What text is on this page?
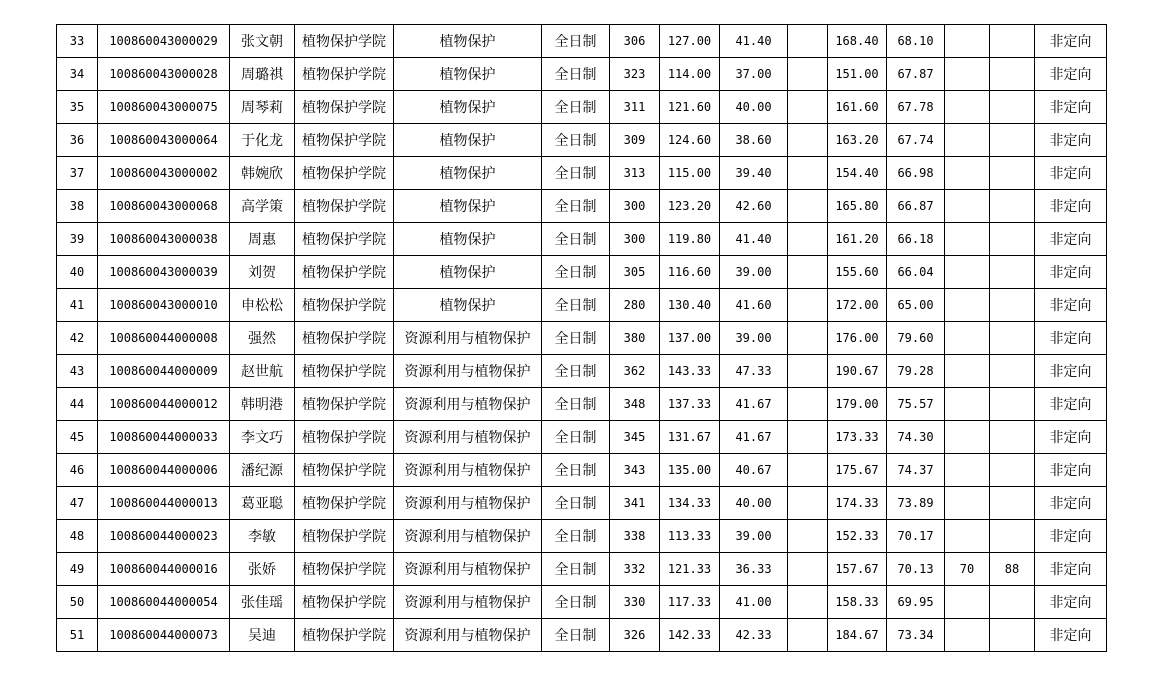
33	100860043000029	张文朝	植物保护学院	植物保护	全日制	306	127.00	41.40		168.40	68.10			非定向
34	100860043000028	周璐祺	植物保护学院	植物保护	全日制	323	114.00	37.00		151.00	67.87			非定向
35	100860043000075	周琴莉	植物保护学院	植物保护	全日制	311	121.60	40.00		161.60	67.78			非定向
36	100860043000064	于化龙	植物保护学院	植物保护	全日制	309	124.60	38.60		163.20	67.74			非定向
37	100860043000002	韩婉欣	植物保护学院	植物保护	全日制	313	115.00	39.40		154.40	66.98			非定向
38	100860043000068	高学策	植物保护学院	植物保护	全日制	300	123.20	42.60		165.80	66.87			非定向
39	100860043000038	周惠	植物保护学院	植物保护	全日制	300	119.80	41.40		161.20	66.18			非定向
40	100860043000039	刘贺	植物保护学院	植物保护	全日制	305	116.60	39.00		155.60	66.04			非定向
41	100860043000010	申松松	植物保护学院	植物保护	全日制	280	130.40	41.60		172.00	65.00			非定向
42	100860044000008	强然	植物保护学院	资源利用与植物保护	全日制	380	137.00	39.00		176.00	79.60			非定向
43	100860044000009	赵世航	植物保护学院	资源利用与植物保护	全日制	362	143.33	47.33		190.67	79.28			非定向
44	100860044000012	韩明港	植物保护学院	资源利用与植物保护	全日制	348	137.33	41.67		179.00	75.57			非定向
45	100860044000033	李文巧	植物保护学院	资源利用与植物保护	全日制	345	131.67	41.67		173.33	74.30			非定向
46	100860044000006	潘纪源	植物保护学院	资源利用与植物保护	全日制	343	135.00	40.67		175.67	74.37			非定向
47	100860044000013	葛亚聪	植物保护学院	资源利用与植物保护	全日制	341	134.33	40.00		174.33	73.89			非定向
48	100860044000023	李敏	植物保护学院	资源利用与植物保护	全日制	338	113.33	39.00		152.33	70.17			非定向
49	100860044000016	张娇	植物保护学院	资源利用与植物保护	全日制	332	121.33	36.33		157.67	70.13	70	88	非定向
50	100860044000054	张佳瑶	植物保护学院	资源利用与植物保护	全日制	330	117.33	41.00		158.33	69.95			非定向
51	100860044000073	吴迪	植物保护学院	资源利用与植物保护	全日制	326	142.33	42.33		184.67	73.34			非定向
